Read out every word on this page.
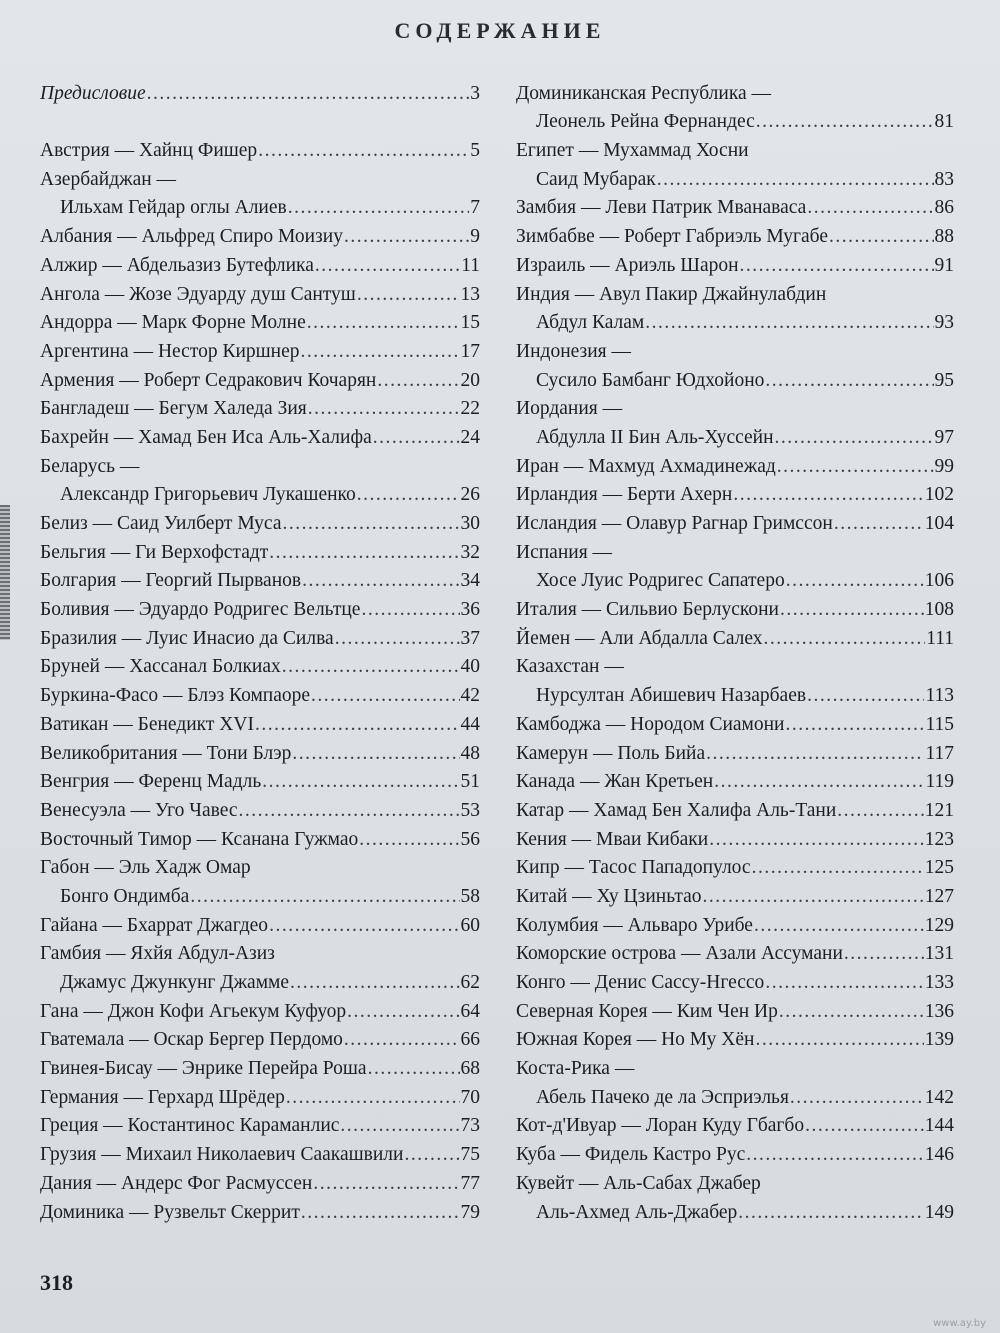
СОДЕРЖАНИЕ
Предисловие .....	3
Австрия — Хайнц Фишер .....	5
Азербайджан —
Ильхам Гейдар оглы Алиев .....	7
Албания — Альфред Спиро Моизиу .....	9
Алжир — Абдельазиз Бутефлика .....	11
Ангола — Жозе Эдуарду душ Сантуш .....	13
Андорра — Марк Форне Молне .....	15
Аргентина — Нестор Киршнер .....	17
Армения — Роберт Седракович Кочарян .....	20
Бангладеш — Бегум Халеда Зия .....	22
Бахрейн — Хамад Бен Иса Аль-Халифа .....	24
Беларусь —
Александр Григорьевич Лукашенко .....	26
Белиз — Саид Уилберт Муса .....	30
Бельгия — Ги Верхофстадт .....	32
Болгария — Георгий Пырванов .....	34
Боливия — Эдуардо Родригес Вельтце .....	36
Бразилия — Луис Инасио да Силва .....	37
Бруней — Хассанал Болкиах .....	40
Буркина-Фасо — Блэз Компаоре .....	42
Ватикан — Бенедикт XVI .....	44
Великобритания — Тони Блэр .....	48
Венгрия — Ференц Мадль .....	51
Венесуэла — Уго Чавес .....	53
Восточный Тимор — Ксанана Гужмао .....	56
Габон — Эль Хадж Омар
Бонго Ондимба .....	58
Гайана — Бхаррат Джагдео .....	60
Гамбия — Яхйя Абдул-Азиз
Джамус Джункунг Джамме .....	62
Гана — Джон Кофи Агьекум Куфуор .....	64
Гватемала — Оскар Бергер Пердомо .....	66
Гвинея-Бисау — Энрике Перейра Роша .....	68
Германия — Герхард Шрёдер .....	70
Греция — Костантинос Караманлис .....	73
Грузия — Михаил Николаевич Саакашвили .....	75
Дания — Андерс Фог Расмуссен .....	77
Доминика — Рузвельт Скеррит .....	79
Доминиканская Республика —
Леонель Рейна Фернандес .....	81
Египет — Мухаммад Хосни
Саид Мубарак .....	83
Замбия — Леви Патрик Мванаваса .....	86
Зимбабве — Роберт Габриэль Мугабе .....	88
Израиль — Ариэль Шарон .....	91
Индия — Авул Пакир Джайнулабдин
Абдул Калам .....	93
Индонезия —
Сусило Бамбанг Юдхойоно .....	95
Иордания —
Абдулла II Бин Аль-Хуссейн .....	97
Иран — Махмуд Ахмадинежад .....	99
Ирландия — Берти Ахерн .....	102
Исландия — Олавур Рагнар Гримссон .....	104
Испания —
Хосе Луис Родригес Сапатеро .....	106
Италия — Сильвио Берлускони .....	108
Йемен — Али Абдалла Салех .....	111
Казахстан —
Нурсултан Абишевич Назарбаев .....	113
Камбоджа — Нородом Сиамони .....	115
Камерун — Поль Бийа .....	117
Канада — Жан Кретьен .....	119
Катар — Хамад Бен Халифа Аль-Тани .....	121
Кения — Мваи Кибаки .....	123
Кипр — Тасос Пападопулос .....	125
Китай — Ху Цзиньтао .....	127
Колумбия — Альваро Урибе .....	129
Коморские острова — Азали Ассумани .....	131
Конго — Денис Сассу-Нгессо .....	133
Северная Корея — Ким Чен Ир .....	136
Южная Корея — Но Му Хён .....	139
Коста-Рика —
Абель Пачеко де ла Эсприэлья .....	142
Кот-д'Ивуар — Лоран Куду Гбагбо .....	144
Куба — Фидель Кастро Рус .....	146
Кувейт — Аль-Сабах Джабер
Аль-Ахмед Аль-Джабер .....	149
318
www.ay.by
